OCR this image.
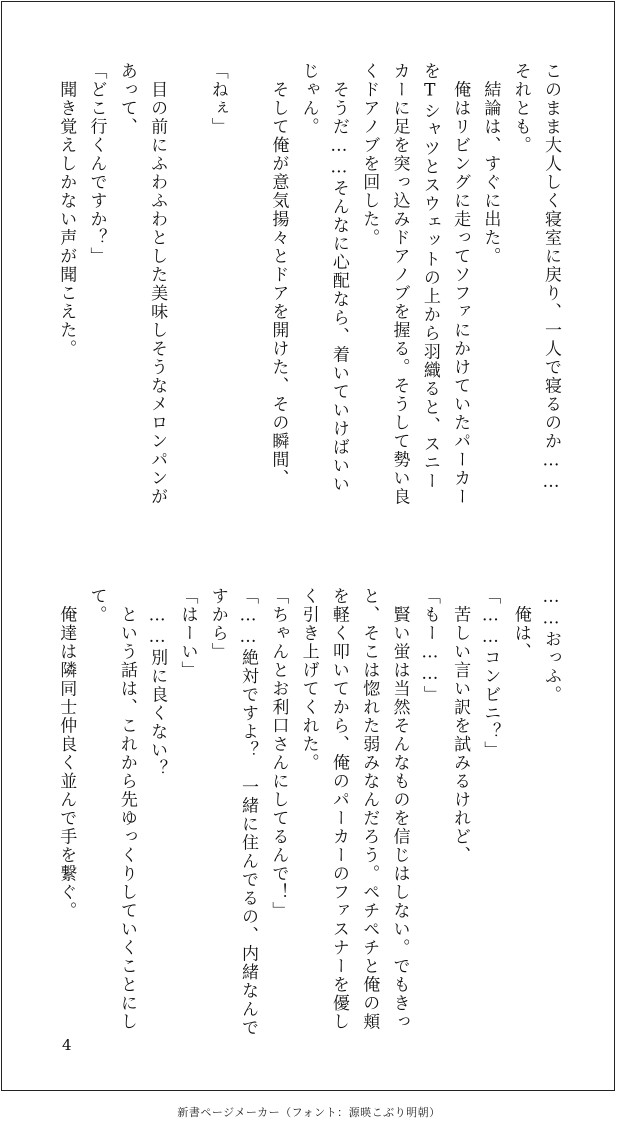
このまま大人しく寝室に戻り、一人で寝るのか……
それとも。
　結論は、すぐに出た。
　俺はリビングに走ってソファにかけていたパーカー
をTシャツとスウェットの上から羽織ると、スニー
カーに足を突っ込みドアノブを握る。そうして勢い良
くドアノブを回した。
　そうだ……そんなに心配なら、着いていけばいい
じゃん。
　そして俺が意気揚々とドアを開けた、その瞬間、

「ねぇ」

　目の前にふわふわとした美味しそうなメロンパンが
あって、
「どこ行くんですか？」
　聞き覚えしかない声が聞こえた。
……おっふ。
　俺は、
「……コンビニ？」
　苦しい言い訳を試みるけれど、
「もー……」
　賢い蛍は当然そんなものを信じはしない。でもきっ
と、そこは惚れた弱みなんだろう。ペチペチと俺の頬
を軽く叩いてから、俺のパーカーのファスナーを優し
く引き上げてくれた。
「ちゃんとお利口さんにしてるんで！」
「……絶対ですよ？　一緒に住んでるの、内緒なんで
すから」
「はーい」
　……別に良くない？
　という話は、これから先ゆっくりしていくことにし
て。
　俺達は隣同士仲良く並んで手を繋ぐ。
4
新書ページメーカー（フォント：源暎こぶり明朝）
